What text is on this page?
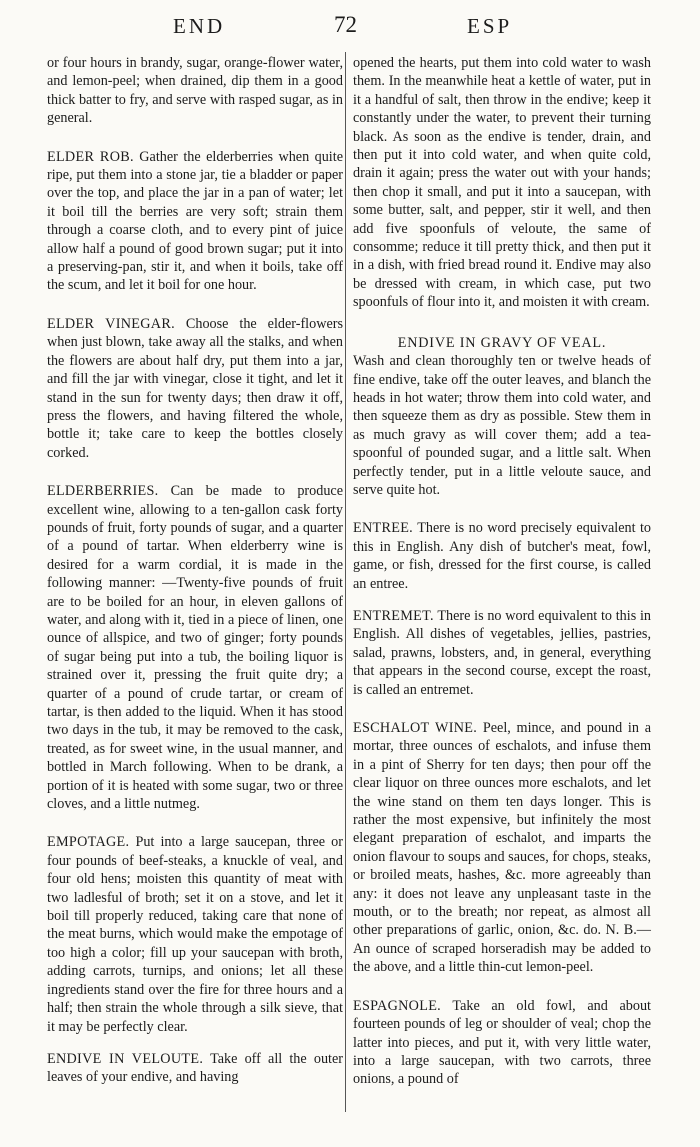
END	72	ESP

or four hours in brandy, sugar, orange-flower water, and lemon-peel; when drained, dip them in a good thick batter to fry, and serve with rasped sugar, as in general.

ELDER ROB. Gather the elderberries when quite ripe, put them into a stone jar, tie a bladder or paper over the top, and place the jar in a pan of water; let it boil till the berries are very soft; strain them through a coarse cloth, and to every pint of juice allow half a pound of good brown sugar; put it into a preserving-pan, stir it, and when it boils, take off the scum, and let it boil for one hour.

ELDER VINEGAR. Choose the elder-flowers when just blown, take away all the stalks, and when the flowers are about half dry, put them into a jar, and fill the jar with vinegar, close it tight, and let it stand in the sun for twenty days; then draw it off, press the flowers, and having filtered the whole, bottle it; take care to keep the bottles closely corked.

ELDERBERRIES. Can be made to produce excellent wine, allowing to a ten-gallon cask forty pounds of fruit, forty pounds of sugar, and a quarter of a pound of tartar. When elderberry wine is desired for a warm cordial, it is made in the following manner: —Twenty-five pounds of fruit are to be boiled for an hour, in eleven gallons of water, and along with it, tied in a piece of linen, one ounce of allspice, and two of ginger; forty pounds of sugar being put into a tub, the boiling liquor is strained over it, pressing the fruit quite dry; a quarter of a pound of crude tartar, or cream of tartar, is then added to the liquid. When it has stood two days in the tub, it may be removed to the cask, treated, as for sweet wine, in the usual manner, and bottled in March following. When to be drank, a portion of it is heated with some sugar, two or three cloves, and a little nutmeg.

EMPOTAGE. Put into a large saucepan, three or four pounds of beef-steaks, a knuckle of veal, and four old hens; moisten this quantity of meat with two ladlesful of broth; set it on a stove, and let it boil till properly reduced, taking care that none of the meat burns, which would make the empotage of too high a color; fill up your saucepan with broth, adding carrots, turnips, and onions; let all these ingredients stand over the fire for three hours and a half; then strain the whole through a silk sieve, that it may be perfectly clear.

ENDIVE IN VELOUTE. Take off all the outer leaves of your endive, and having

opened the hearts, put them into cold water to wash them. In the meanwhile heat a kettle of water, put in it a handful of salt, then throw in the endive; keep it constantly under the water, to prevent their turning black. As soon as the endive is tender, drain, and then put it into cold water, and when quite cold, drain it again; press the water out with your hands; then chop it small, and put it into a saucepan, with some butter, salt, and pepper, stir it well, and then add five spoonfuls of veloute, the same of consomme; reduce it till pretty thick, and then put it in a dish, with fried bread round it. Endive may also be dressed with cream, in which case, put two spoonfuls of flour into it, and moisten it with cream.

ENDIVE IN GRAVY OF VEAL.

Wash and clean thoroughly ten or twelve heads of fine endive, take off the outer leaves, and blanch the heads in hot water; throw them into cold water, and then squeeze them as dry as possible. Stew them in as much gravy as will cover them; add a tea-spoonful of pounded sugar, and a little salt. When perfectly tender, put in a little veloute sauce, and serve quite hot.

ENTREE. There is no word precisely equivalent to this in English. Any dish of butcher's meat, fowl, game, or fish, dressed for the first course, is called an entree.

ENTREMET. There is no word equivalent to this in English. All dishes of vegetables, jellies, pastries, salad, prawns, lobsters, and, in general, everything that appears in the second course, except the roast, is called an entremet.

ESCHALOT WINE. Peel, mince, and pound in a mortar, three ounces of eschalots, and infuse them in a pint of Sherry for ten days; then pour off the clear liquor on three ounces more eschalots, and let the wine stand on them ten days longer. This is rather the most expensive, but infinitely the most elegant preparation of eschalot, and imparts the onion flavour to soups and sauces, for chops, steaks, or broiled meats, hashes, &c. more agreeably than any: it does not leave any unpleasant taste in the mouth, or to the breath; nor repeat, as almost all other preparations of garlic, onion, &c. do. N. B.—An ounce of scraped horseradish may be added to the above, and a little thin-cut lemon-peel.

ESPAGNOLE. Take an old fowl, and about fourteen pounds of leg or shoulder of veal; chop the latter into pieces, and put it, with very little water, into a large saucepan, with two carrots, three onions, a pound of
